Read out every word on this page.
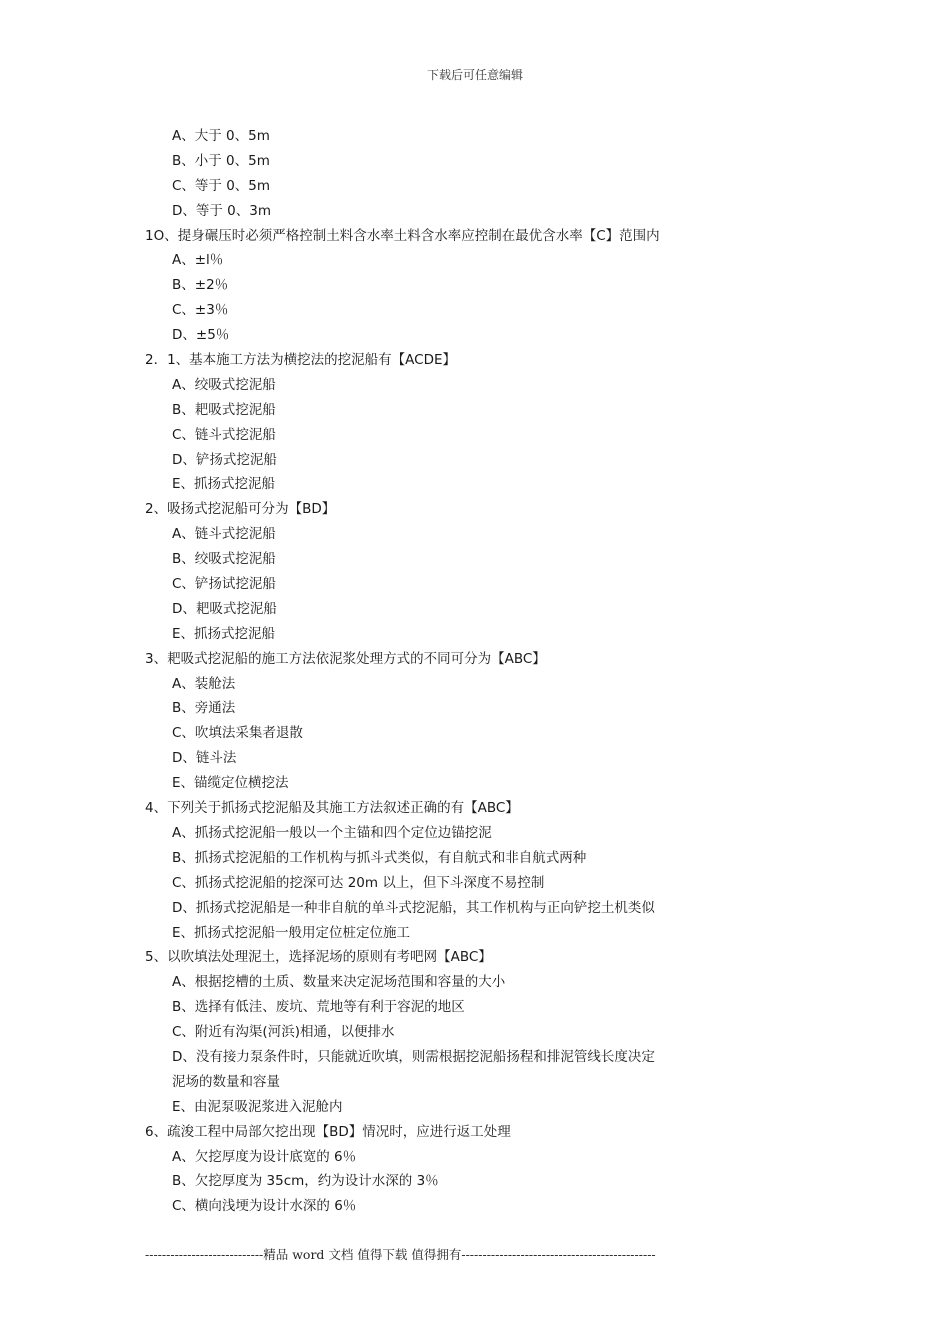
下载后可任意编辑
A、大于 0、5m
B、小于 0、5m
C、等于 0、5m
D、等于 0、3m
1O、提身碾压时必须严格控制土料含水率土料含水率应控制在最优含水率【C】范围内
A、±l％
B、±2％
C、±3％
D、±5％
2．1、基本施工方法为横挖法的挖泥船有【ACDE】
A、绞吸式挖泥船
B、耙吸式挖泥船
C、链斗式挖泥船
D、铲扬式挖泥船
E、抓扬式挖泥船
2、吸扬式挖泥船可分为【BD】
A、链斗式挖泥船
B、绞吸式挖泥船
C、铲扬试挖泥船
D、耙吸式挖泥船
E、抓扬式挖泥船
3、耙吸式挖泥船的施工方法依泥浆处理方式的不同可分为【ABC】
A、装舱法
B、旁通法
C、吹填法采集者退散
D、链斗法
E、锚缆定位横挖法
4、下列关于抓扬式挖泥船及其施工方法叙述正确的有【ABC】
A、抓扬式挖泥船一般以一个主锚和四个定位边锚挖泥
B、抓扬式挖泥船的工作机构与抓斗式类似，有自航式和非自航式两种
C、抓扬式挖泥船的挖深可达 20m 以上，但下斗深度不易控制
D、抓扬式挖泥船是一种非自航的单斗式挖泥船，其工作机构与正向铲挖土机类似
E、抓扬式挖泥船一般用定位桩定位施工
5、以吹填法处理泥土，选择泥场的原则有考吧网【ABC】
A、根据挖槽的土质、数量来决定泥场范围和容量的大小
B、选择有低洼、废坑、荒地等有利于容泥的地区
C、附近有沟渠(河浜)相通，以便排水
D、没有接力泵条件时，只能就近吹填，则需根据挖泥船扬程和排泥管线长度决定
泥场的数量和容量
E、由泥泵吸泥浆进入泥舱内
6、疏浚工程中局部欠挖出现【BD】情况时，应进行返工处理
A、欠挖厚度为设计底宽的 6％
B、欠挖厚度为 35cm，约为设计水深的 3％
C、横向浅埂为设计水深的 6％
----------------------------精品 word 文档 值得下载 值得拥有----------------------------------------------
